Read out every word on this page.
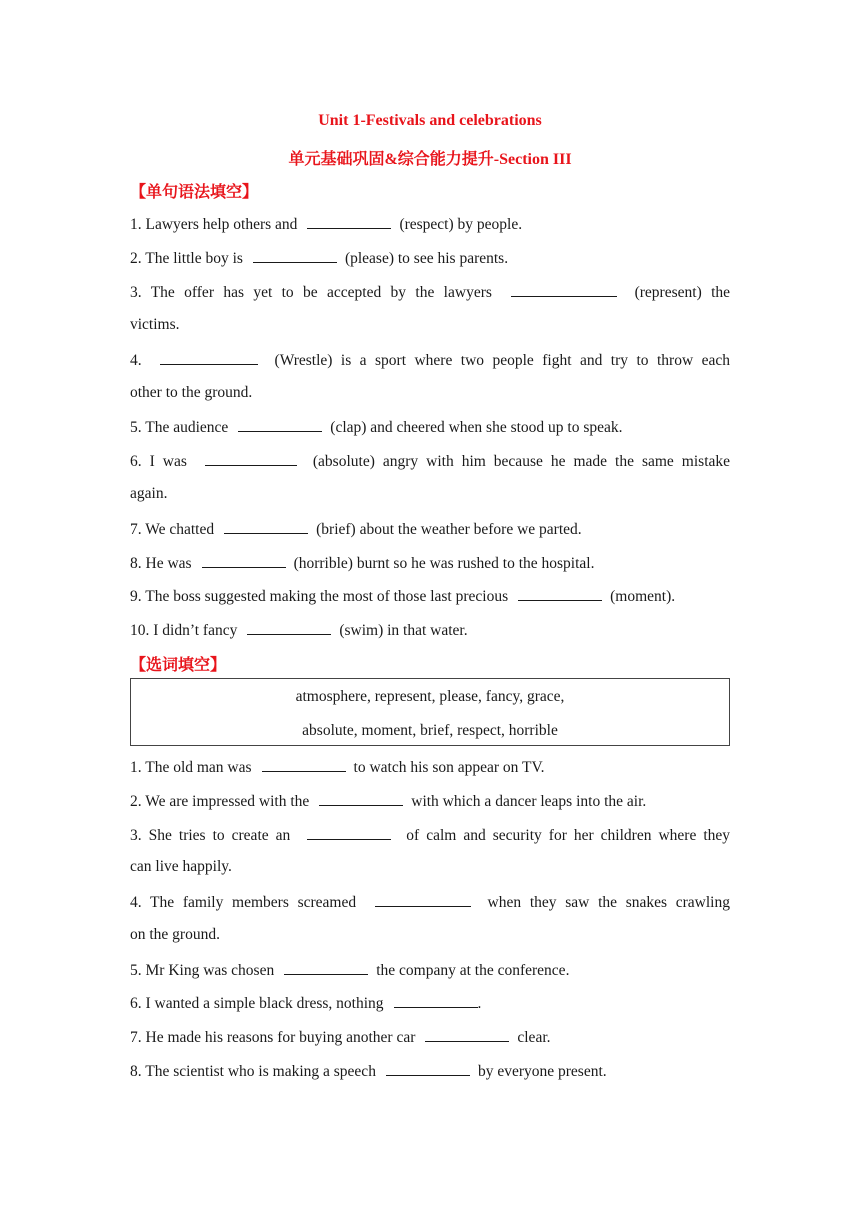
Unit 1-Festivals and celebrations
单元基础巩固&综合能力提升-Section III
【单句语法填空】
1. Lawyers help others and	(respect) by people.
2. The little boy is	(please) to see his parents.
3. The offer has yet to be accepted by the lawyers	(represent) the
victims.
4.	(Wrestle) is a sport where two people fight and try to throw each
other to the ground.
5. The audience	(clap) and cheered when she stood up to speak.
6. I was	(absolute) angry with him because he made the same mistake
again.
7. We chatted	(brief) about the weather before we parted.
8. He was	(horrible) burnt so he was rushed to the hospital.
9. The boss suggested making the most of those last precious	(moment).
10. I didn’t fancy	(swim) in that water.
【选词填空】
atmosphere, represent, please, fancy, grace,
absolute, moment, brief, respect, horrible
1. The old man was	to watch his son appear on TV.
2. We are impressed with the	with which a dancer leaps into the air.
3. She tries to create an	of calm and security for her children where they
can live happily.
4. The family members screamed	when they saw the snakes crawling
on the ground.
5. Mr King was chosen	the company at the conference.
6. I wanted a simple black dress, nothing	.
7. He made his reasons for buying another car	clear.
8. The scientist who is making a speech	by everyone present.
